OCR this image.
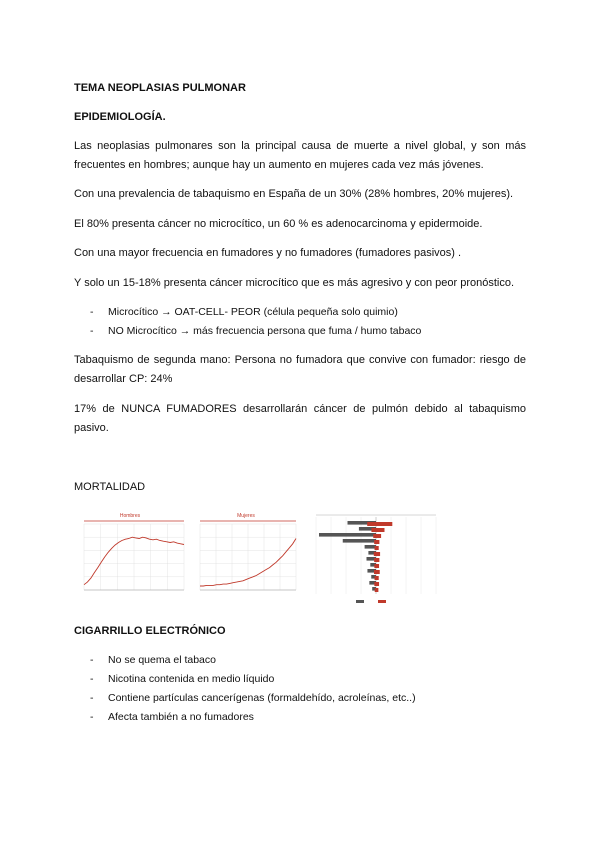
TEMA NEOPLASIAS PULMONAR
EPIDEMIOLOGÍA.
Las neoplasias pulmonares son la principal causa de muerte a nivel global, y son más frecuentes en hombres; aunque hay un aumento en mujeres cada vez más jóvenes.
Con una prevalencia de tabaquismo en España de un 30% (28% hombres, 20% mujeres).
El 80% presenta cáncer no microcítico, un 60 % es adenocarcinoma y epidermoide.
Con una mayor frecuencia en fumadores y no fumadores (fumadores pasivos) .
Y solo un 15-18% presenta cáncer microcítico que es más agresivo y con peor pronóstico.
- Microcítico → OAT-CELL- PEOR (célula pequeña solo quimio)
- NO Microcítico → más frecuencia persona que fuma / humo tabaco
Tabaquismo de segunda mano: Persona no fumadora que convive con fumador: riesgo de desarrollar CP: 24%
17% de NUNCA FUMADORES desarrollarán cáncer de pulmón debido al tabaquismo pasivo.
MORTALIDAD
Hombres	Mujeres
CIGARRILLO ELECTRÓNICO
- No se quema el tabaco
- Nicotina contenida en medio líquido
- Contiene partículas cancerígenas (formaldehído, acroleínas, etc..)
- Afecta también a no fumadores
